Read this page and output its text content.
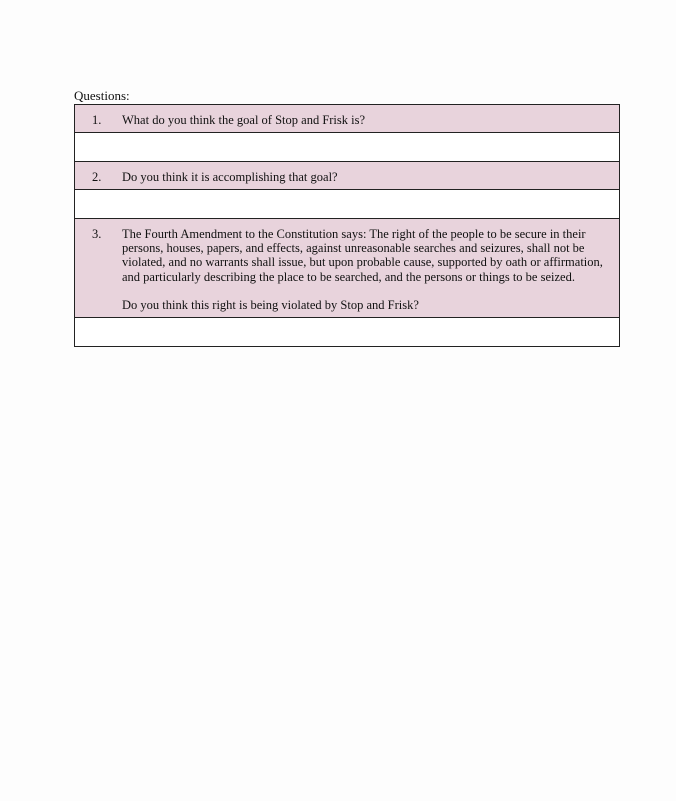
Questions:
1.	What do you think the goal of Stop and Frisk is?

2.	Do you think it is accomplishing that goal?

3.	The Fourth Amendment to the Constitution says: The right of the people to be secure in their persons, houses, papers, and effects, against unreasonable searches and seizures, shall not be violated, and no warrants shall issue, but upon probable cause, supported by oath or affirmation, and particularly describing the place to be searched, and the persons or things to be seized.

Do you think this right is being violated by Stop and Frisk?
